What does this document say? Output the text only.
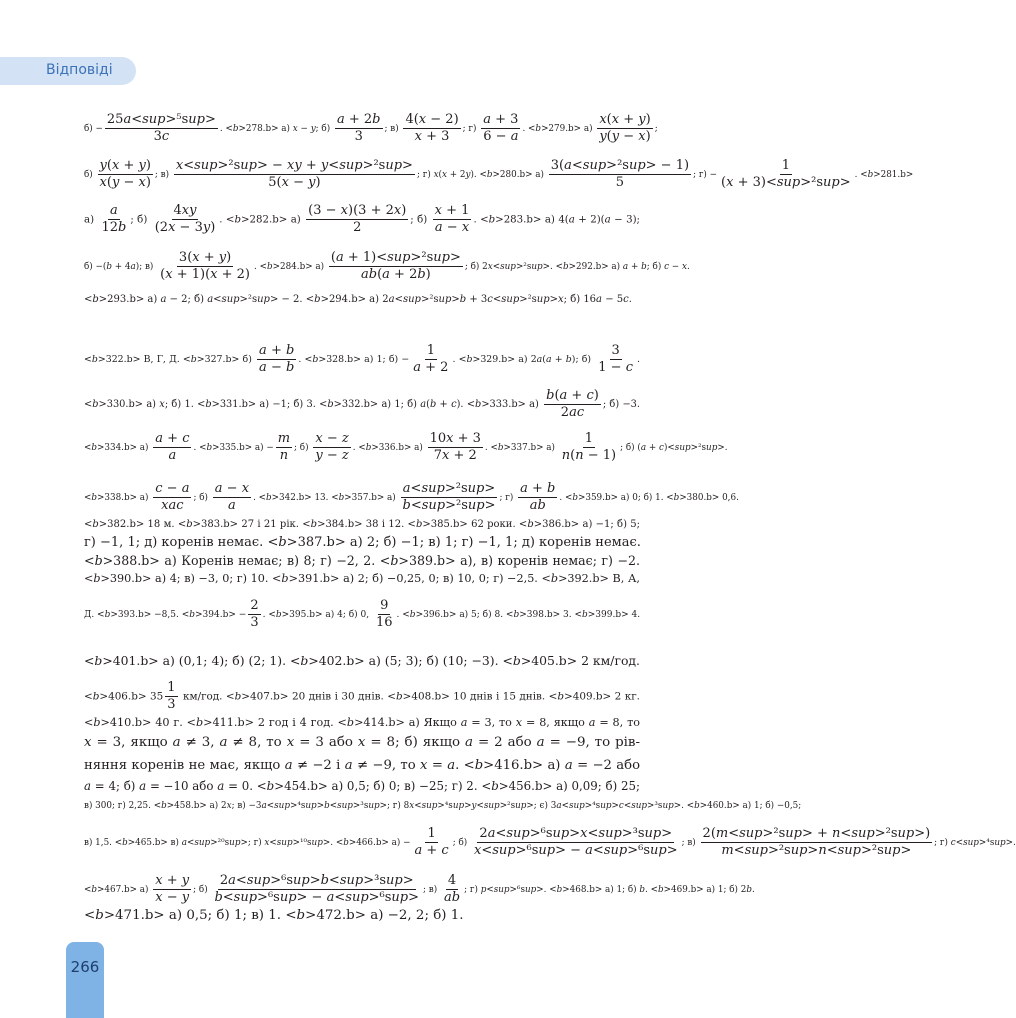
Відповіді
б) −
25a<sup>⁵sup>
3c	. <b>278.b> а) x − y; $б) \frac{a + 2b}{3}$ ; $в) \frac{4(x - 2)}{x + 3}$ ; $г) \frac{a + 3}{6 - a}$ . $<b>279.b> а) \frac{x(x + y)}{y(y - x)}$ ;
$б) \frac{y(x + y)}{x(y - x)}$ ; в)
x<sup>²sup> − xy + y<sup>²sup>
5(x − y)	; г) x(x + 2y). <b>280.b> а)
3(a<sup>²sup> − 1)
5	; г) −
1
(x + 3)<sup>²sup> . <b>281.b>
$а) \frac{a}{12b}$ ; $б) \frac{4xy}{(2x - 3y)}$ . $<b>282.b> а) \frac{(3 - x)(3 + 2x)}{2}$ ; $б) \frac{x + 1}{a - x}$ . <b>283.b> а) 4(a + 2)(a − 3);
б) −(b + 4a); $в) \frac{3(x + y)}{(x + 1)(x + 2)}$ . <b>284.b> а)
(a + 1)<sup>²sup>
ab(a + 2b)	; б) 2x<sup>²sup>. <b>292.b> а) a + b; б) c − x.
<b>293.b> а) a − 2; б) a<sup>²sup> − 2. <b>294.b> а) 2a<sup>²sup>b + 3c<sup>²sup>x; б) 16a − 5c.
<b>322.b> В, Г, Д. $<b>327.b> б) \frac{a + b}{a - b}$ . <b>328.b> а) 1; $б) - \frac{1}{a + 2}$ . <b>329.b> а) 2a(a + b); $б) \frac{3}{1 - c}$ .
<b>330.b> а) x; б) 1. <b>331.b> а) −1; б) 3. <b>332.b> а) 1; б) a(b + c). $<b>333.b> а) \frac{b(a + c)}{2ac}$ ; б) −3.
$<b>334.b> а) \frac{a + c}{a}$ . $<b>335.b> а) - \frac{m}{n}$ ; $б) \frac{x - z}{y - z}$ . $<b>336.b> а) \frac{10x + 3}{7x + 2}$ . $<b>337.b> а) \frac{1}{n(n - 1)}$ ; б) (a + c)<sup>²sup>.
<b>338.b> а)
c − a
xac ; $б) \frac{a - x}{a}$ . <b>342.b> 13. <b>357.b> а)
a<sup>²sup>
b<sup>²sup> ; $г) \frac{a + b}{ab}$ . <b>359.b> а) 0; б) 1. <b>380.b> 0,6.
<b>382.b> 18 м. <b>383.b> 27 і 21 рік. <b>384.b> 38 і 12. <b>385.b> 62 роки. <b>386.b> а) −1; б) 5;
г) −1, 1; д) коренів немає. <b>387.b> а) 2; б) −1; в) 1; г) −1, 1; д) коренів немає.
<b>388.b> а) Коренів немає; в) 8; г) −2, 2. <b>389.b> а), в) коренів немає; г) −2.
<b>390.b> а) 4; в) −3, 0; г) 10. <b>391.b> а) 2; б) −0,25, 0; в) 10, 0; г) −2,5. <b>392.b> В, А,
Д. <b>393.b> −8,5. $<b>394.b> - \frac{2}{3}$ . <b>395.b> а) 4; б) 0, $\frac{9}{16}$ . <b>396.b> а) 5; б) 8. <b>398.b> 3. <b>399.b> 4.
<b>401.b> а) (0,1; 4); б) (2; 1). <b>402.b> а) (5; 3); б) (10; −3). <b>405.b> 2 км/год.
$<b>406.b> 35 \frac{1}{3} км/год$. <b>407.b> 20 днів і 30 днів. <b>408.b> 10 днів і 15 днів. <b>409.b> 2 кг.
<b>410.b> 40 г. <b>411.b> 2 год і 4 год. <b>414.b> а) Якщо a = 3, то x = 8, якщо a = 8, то
x = 3, якщо a ≠ 3, a ≠ 8, то x = 3 або x = 8; б) якщо a = 2 або a = −9, то рів-
няння коренів не має, якщо a ≠ −2 і a ≠ −9, то x = a. <b>416.b> а) a = −2 або
a = 4; б) a = −10 або a = 0. <b>454.b> а) 0,5; б) 0; в) −25; г) 2. <b>456.b> а) 0,09; б) 25;
в) 300; г) 2,25. <b>458.b> а) 2x; в) −3a<sup>⁴sup>b<sup>³sup>; г) 8x<sup>⁴sup>y<sup>²sup>; є) 3a<sup>⁴sup>c<sup>³sup>. <b>460.b> а) 1; б) −0,5;
в) 1,5. <b>465.b> в) a<sup>²⁰sup>; г) x<sup>¹⁰sup>. $<b>466.b> а) - \frac{1}{a + c}$ ; б)
2a<sup>⁶sup>x<sup>³sup>
x<sup>⁶sup> − a<sup>⁶sup> ; в)
2(m<sup>²sup> + n<sup>²sup>)
m<sup>²sup>n<sup>²sup>	; г) c<sup>⁴sup>.
$<b>467.b> а) \frac{x + y}{x - y}$ ; б)
2a<sup>⁶sup>b<sup>³sup>
b<sup>⁶sup> − a<sup>⁶sup> ; $в) \frac{4}{ab}$ ; г) p<sup>⁶sup>. <b>468.b> а) 1; б) b. <b>469.b> а) 1; б) 2b.
<b>471.b> а) 0,5; б) 1; в) 1. <b>472.b> а) −2, 2; б) 1.
266
